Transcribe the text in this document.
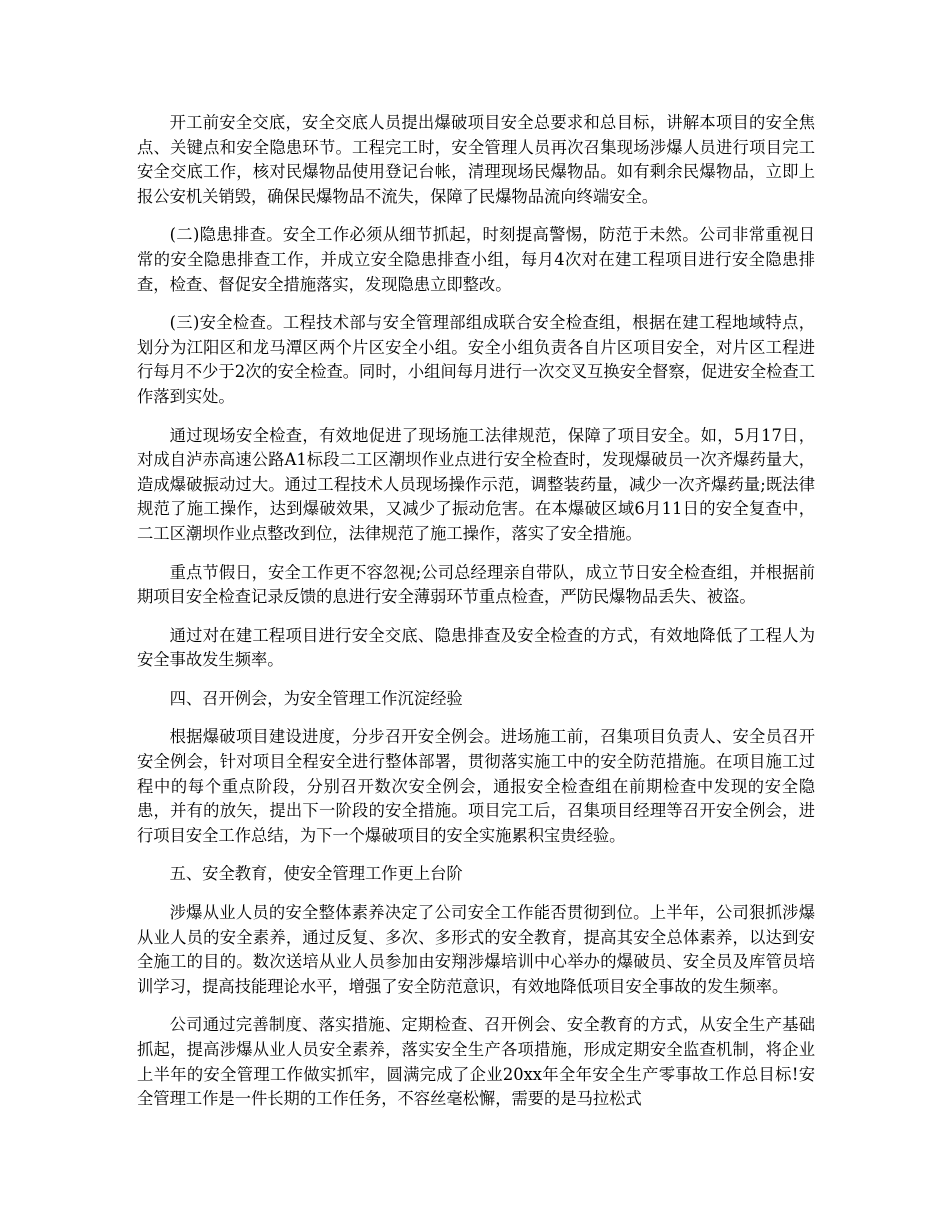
开工前安全交底，安全交底人员提出爆破项目安全总要求和总目标，讲解本项目的安全焦点、关键点和安全隐患环节。工程完工时，安全管理人员再次召集现场涉爆人员进行项目完工安全交底工作，核对民爆物品使用登记台帐，清理现场民爆物品。如有剩余民爆物品，立即上报公安机关销毁，确保民爆物品不流失，保障了民爆物品流向终端安全。

(二)隐患排查。安全工作必须从细节抓起，时刻提高警惕，防范于未然。公司非常重视日常的安全隐患排查工作，并成立安全隐患排查小组，每月4次对在建工程项目进行安全隐患排查，检查、督促安全措施落实，发现隐患立即整改。

(三)安全检查。工程技术部与安全管理部组成联合安全检查组，根据在建工程地域特点，划分为江阳区和龙马潭区两个片区安全小组。安全小组负责各自片区项目安全，对片区工程进行每月不少于2次的安全检查。同时，小组间每月进行一次交叉互换安全督察，促进安全检查工作落到实处。

通过现场安全检查，有效地促进了现场施工法律规范，保障了项目安全。如，5月17日，对成自泸赤高速公路A1标段二工区潮坝作业点进行安全检查时，发现爆破员一次齐爆药量大，造成爆破振动过大。通过工程技术人员现场操作示范，调整装药量，减少一次齐爆药量;既法律规范了施工操作，达到爆破效果，又减少了振动危害。在本爆破区域6月11日的安全复查中，二工区潮坝作业点整改到位，法律规范了施工操作，落实了安全措施。

重点节假日，安全工作更不容忽视;公司总经理亲自带队，成立节日安全检查组，并根据前期项目安全检查记录反馈的息进行安全薄弱环节重点检查，严防民爆物品丢失、被盗。

通过对在建工程项目进行安全交底、隐患排查及安全检查的方式，有效地降低了工程人为安全事故发生频率。

四、召开例会，为安全管理工作沉淀经验

根据爆破项目建设进度，分步召开安全例会。进场施工前，召集项目负责人、安全员召开安全例会，针对项目全程安全进行整体部署，贯彻落实施工中的安全防范措施。在项目施工过程中的每个重点阶段，分别召开数次安全例会，通报安全检查组在前期检查中发现的安全隐患，并有的放矢，提出下一阶段的安全措施。项目完工后，召集项目经理等召开安全例会，进行项目安全工作总结，为下一个爆破项目的安全实施累积宝贵经验。

五、安全教育，使安全管理工作更上台阶

涉爆从业人员的安全整体素养决定了公司安全工作能否贯彻到位。上半年，公司狠抓涉爆从业人员的安全素养，通过反复、多次、多形式的安全教育，提高其安全总体素养，以达到安全施工的目的。数次送培从业人员参加由安翔涉爆培训中心举办的爆破员、安全员及库管员培训学习，提高技能理论水平，增强了安全防范意识，有效地降低项目安全事故的发生频率。

公司通过完善制度、落实措施、定期检查、召开例会、安全教育的方式，从安全生产基础抓起，提高涉爆从业人员安全素养，落实安全生产各项措施，形成定期安全监查机制，将企业上半年的安全管理工作做实抓牢，圆满完成了企业20xx年全年安全生产零事故工作总目标!安全管理工作是一件长期的工作任务，不容丝毫松懈，需要的是马拉松式
